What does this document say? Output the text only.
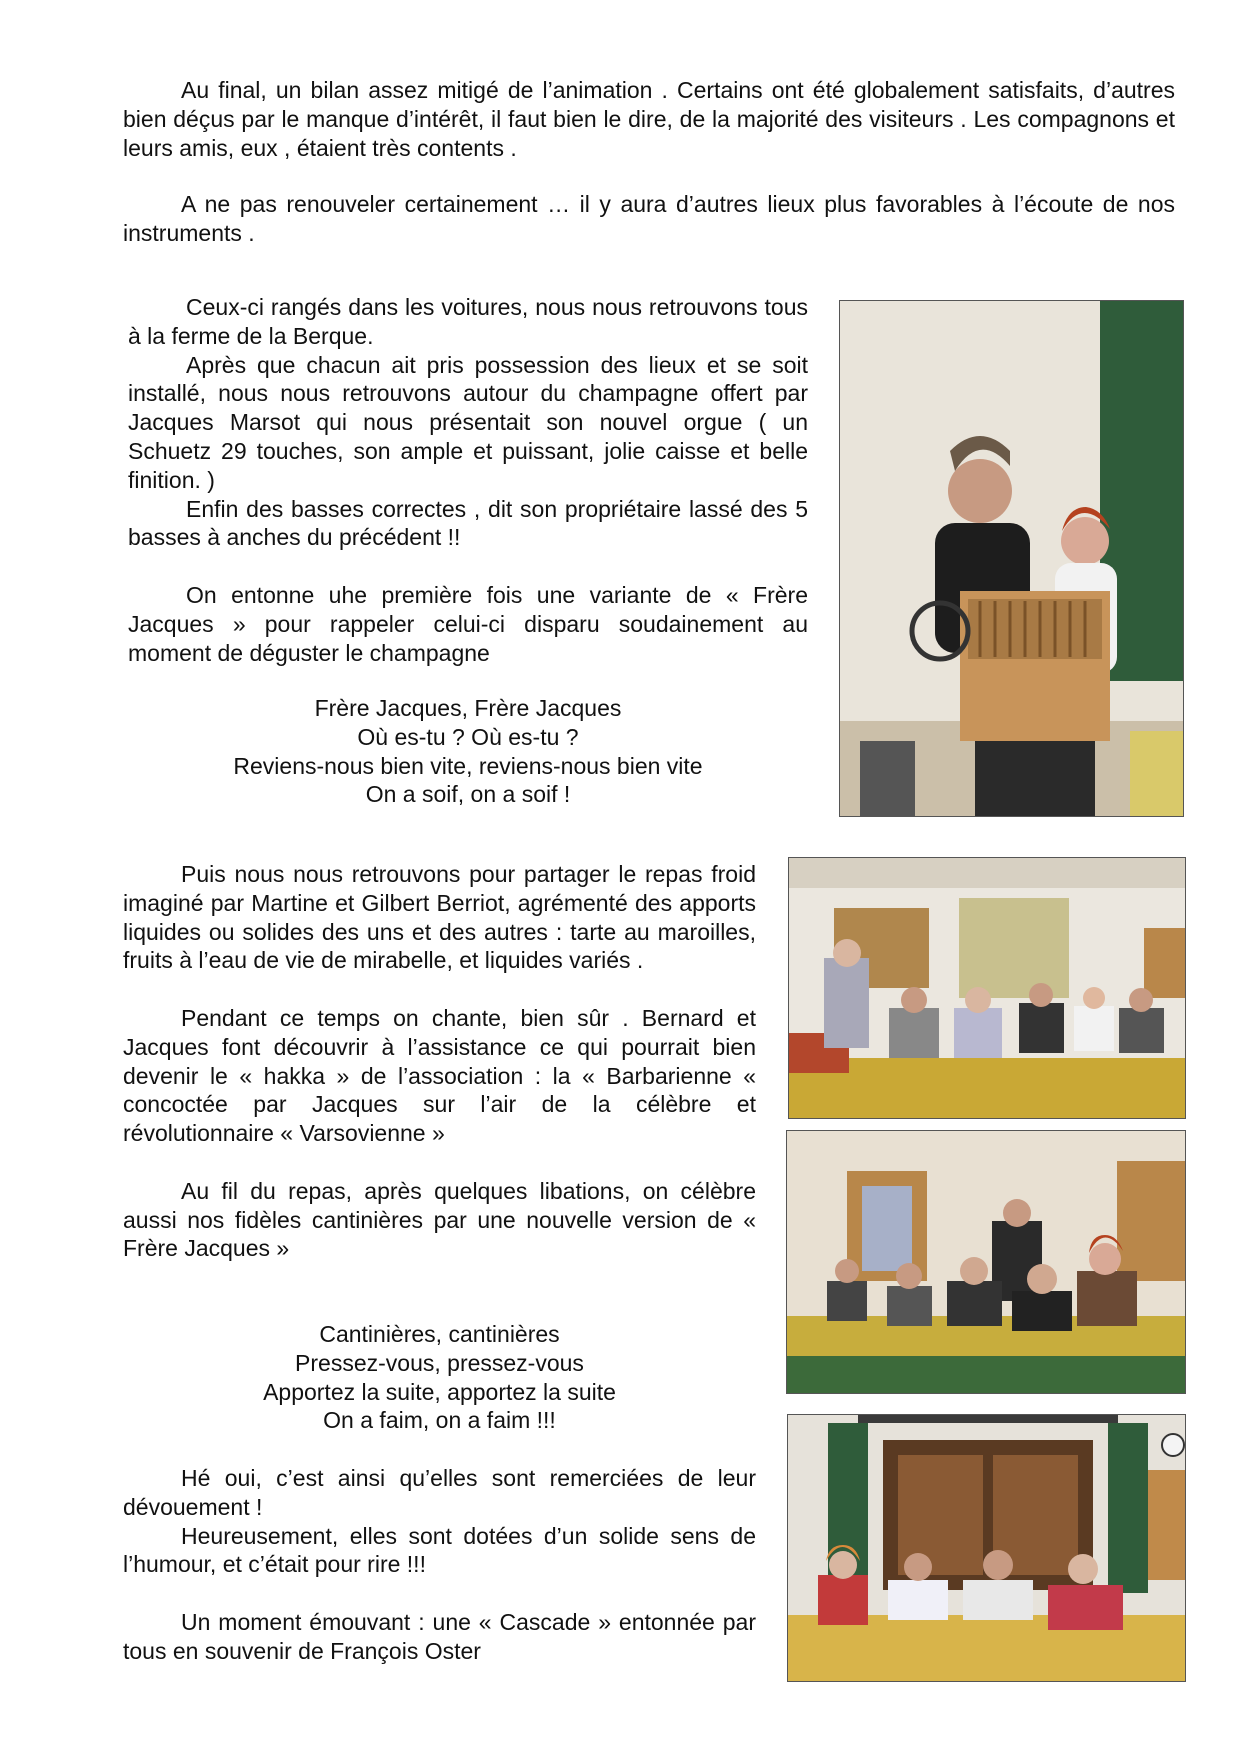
Au final, un bilan assez mitigé de l’animation . Certains ont été globalement satisfaits, d’autres bien déçus par le manque d’intérêt, il faut bien le dire, de la majorité des visiteurs . Les compagnons et leurs amis, eux , étaient très contents .

A ne pas renouveler certainement … il y aura d’autres lieux plus favorables à l’écoute de nos instruments .

Ceux-ci rangés dans les voitures, nous nous retrouvons tous à la ferme de la Berque.

Après que chacun ait pris possession des lieux et se soit installé, nous nous retrouvons autour du champagne offert par Jacques Marsot qui nous présentait son nouvel orgue ( un Schuetz 29 touches, son ample et puissant, jolie caisse et belle finition. )

Enfin des basses correctes , dit son propriétaire lassé des 5 basses à anches du précédent !!

On entonne uhe première fois une variante de « Frère Jacques » pour rappeler celui-ci disparu soudainement au moment de déguster le champagne

Frère Jacques, Frère Jacques
Où es-tu ? Où es-tu ?
Reviens-nous bien vite, reviens-nous bien vite
On a soif, on a soif !

Puis nous nous retrouvons pour partager le repas froid imaginé par Martine et Gilbert Berriot, agrémenté des apports liquides ou solides des uns et des autres : tarte au maroilles, fruits à l’eau de vie de mirabelle, et liquides variés .

Pendant ce temps on chante, bien sûr . Bernard et Jacques font découvrir à l’assistance ce qui pourrait bien devenir le « hakka » de l’association : la « Barbarienne « concoctée par Jacques sur l’air de la célèbre et révolutionnaire « Varsovienne »

Au fil du repas, après quelques libations, on célèbre aussi nos fidèles cantinières par une nouvelle version de « Frère Jacques »

Cantinières, cantinières
Pressez-vous, pressez-vous
Apportez la suite, apportez la suite
On a faim, on a faim !!!

Hé oui, c’est ainsi qu’elles sont remerciées de leur dévouement !

Heureusement, elles sont dotées d’un solide sens de l’humour, et c’était pour rire !!!

Un moment émouvant : une « Cascade » entonnée par tous en souvenir de François Oster
